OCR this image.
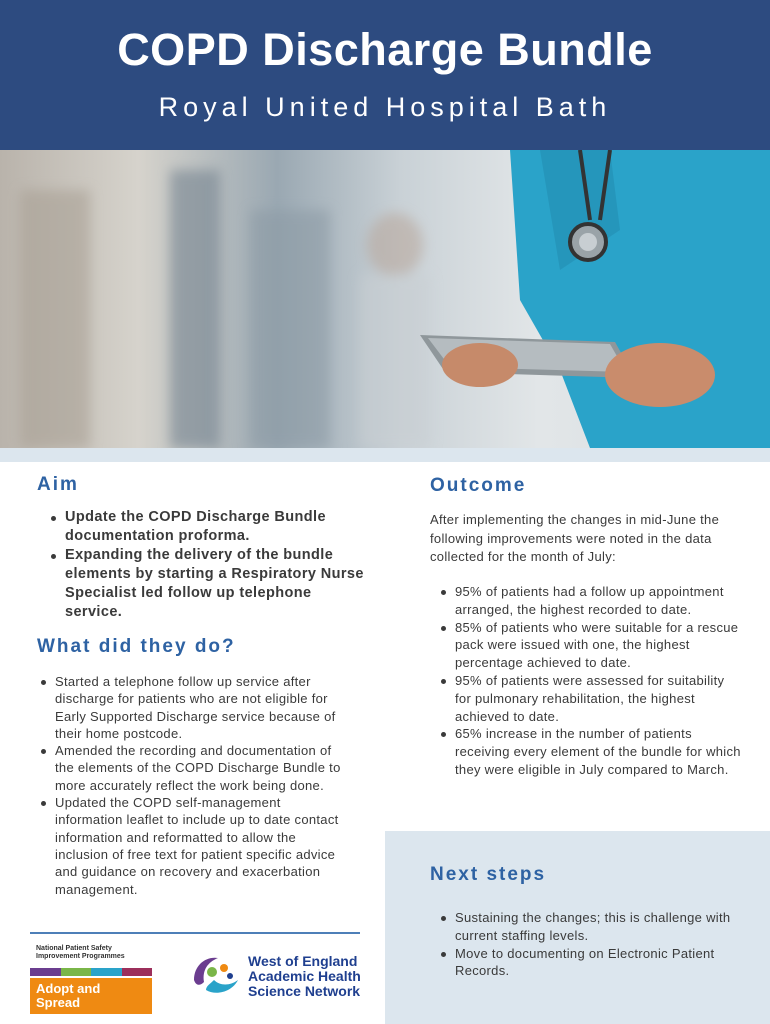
COPD Discharge Bundle
Royal United Hospital Bath
Aim
Update the COPD Discharge Bundle documentation proforma.
Expanding the delivery of the bundle elements by starting a Respiratory Nurse Specialist led follow up telephone service.
What did they do?
Started a telephone follow up service after discharge for patients who are not eligible for Early Supported Discharge service because of their home postcode.
Amended the recording and documentation of the elements of the COPD Discharge Bundle to more accurately reflect the work being done.
Updated the COPD self-management information leaflet to include up to date contact information and reformatted to allow the inclusion of free text for patient specific advice and guidance on recovery and exacerbation management.
Outcome

After implementing the changes in mid-June the following improvements were noted in the data collected for the month of July:

95% of patients had a follow up appointment arranged, the highest recorded to date.
85% of patients who were suitable for a rescue pack were issued with one, the highest percentage achieved to date.
95% of patients were assessed for suitability for pulmonary rehabilitation, the highest achieved to date.
65% increase in the number of patients receiving every element of the bundle for which they were eligible in July compared to March.
Next steps
Sustaining the changes; this is challenge with current staffing levels.
Move to documenting on Electronic Patient Records.
National Patient Safety
Improvement Programmes
Adopt and
Spread
West of England
Academic Health
Science Network
